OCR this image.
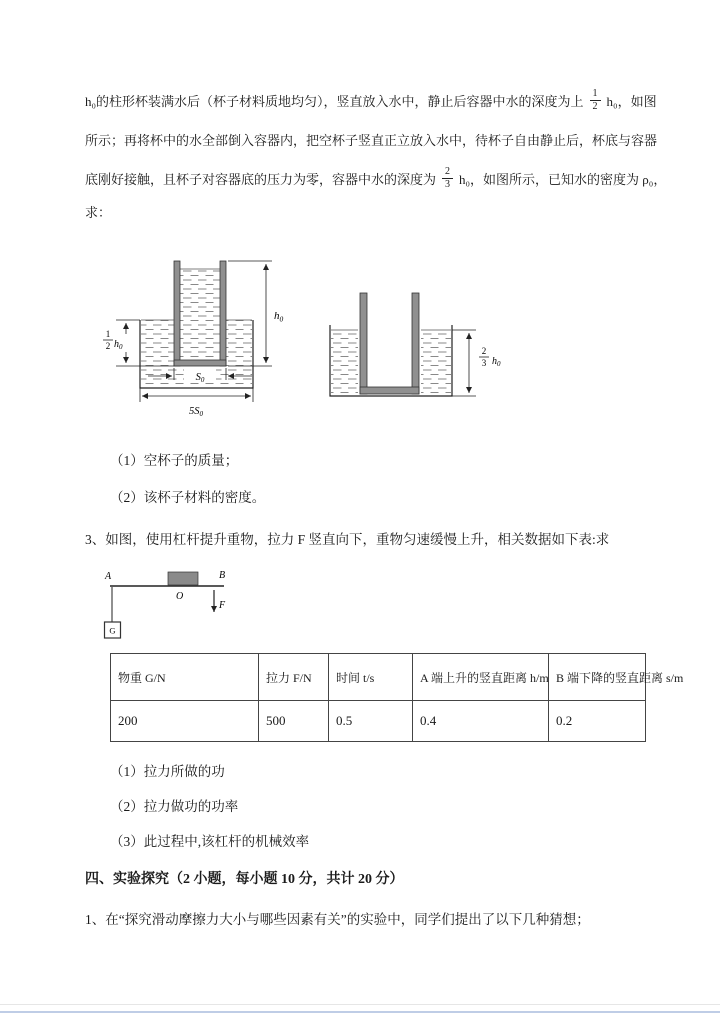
h₀的柱形杯装满水后（杯子材料质地均匀），竖直放入水中，静止后容器中水的深度为上 $\frac{1}{2} h_0$，如图
所示；再将杯中的水全部倒入容器内，把空杯子竖直正立放入水中，待杯子自由静止后，杯底与容器
底刚好接触，且杯子对容器底的压力为零，容器中水的深度为 $\frac{2}{3} h_0$，如图所示，已知水的密度为 ρ₀，
求：
$h_0$
1
2 $h_0$
S0
5S0
2
3 $h_0$
（1）空杯子的质量；
（2）该杯子材料的密度。
3、如图，使用杠杆提升重物，拉力 F 竖直向下，重物匀速缓慢上升，相关数据如下表:求
A	B
O
F
G
物重 G/N	拉力 F/N	时间 t/s	A 端上升的竖直距离 h/m	B 端下降的竖直距离 s/m
200	500	0.5	0.4	0.2
（1）拉力所做的功
（2）拉力做功的功率
（3）此过程中,该杠杆的机械效率
四、实验探究（2 小题，每小题 10 分，共计 20 分）
1、在“探究滑动摩擦力大小与哪些因素有关”的实验中，同学们提出了以下几种猜想；
